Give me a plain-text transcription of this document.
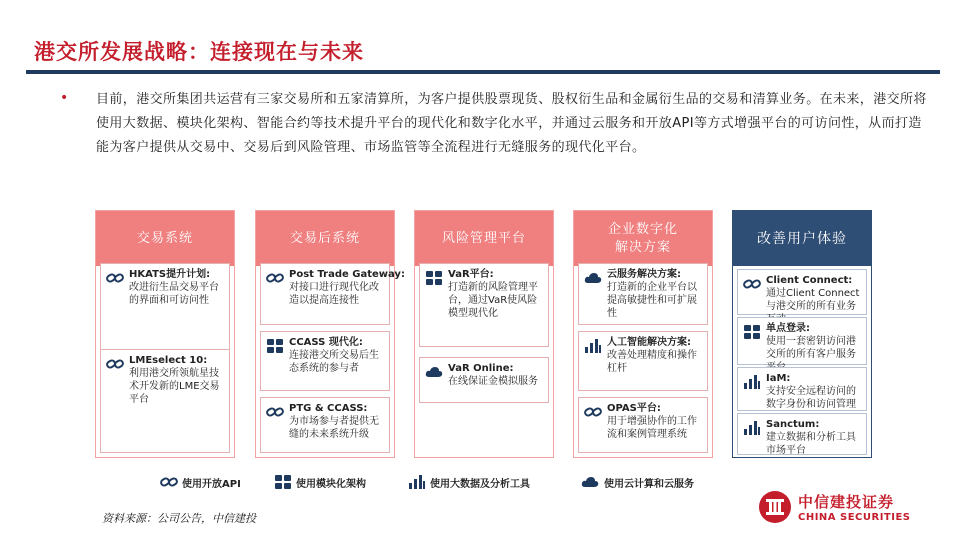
港交所发展战略：连接现在与未来
• 目前，港交所集团共运营有三家交易所和五家清算所，为客户提供股票现货、股权衍生品和金属衍生品的交易和清算业务。在未来，港交所将使用大数据、模块化架构、智能合约等技术提升平台的现代化和数字化水平，并通过云服务和开放API等方式增强平台的可访问性，从而打造能为客户提供从交易中、交易后到风险管理、市场监管等全流程进行无缝服务的现代化平台。
交易系统
HKATS提升计划:
改进衍生品交易平台的界面和可访问性
LMEselect 10:
利用港交所领航星技术开发新的LME交易平台
交易后系统
Post Trade Gateway:
对接口进行现代化改造以提高连接性
CCASS 现代化:
连接港交所交易后生态系统的参与者
PTG & CCASS:
为市场参与者提供无缝的未来系统升级
风险管理平台
VaR平台:
打造新的风险管理平台，通过VaR使风险模型现代化
VaR Online:
在线保证金模拟服务
企业数字化
解决方案
云服务解决方案:
打造新的企业平台以提高敏捷性和可扩展性
人工智能解决方案:
改善处理精度和操作杠杆
OPAS平台:
用于增强协作的工作流和案例管理系统
改善用户体验
Client Connect:
通过Client Connect与港交所的所有业务
单点登录:
使用一套密钥访问港交所的所有客户服务
IaM:
支持安全远程访问的数字身份和访问管理
Sanctum:
建立数据和分析工具市场平台
使用开放API	使用模块化架构	使用大数据及分析工具	使用云计算和云服务
资料来源：公司公告，中信建投
中信建投证券
CHINA SECURITIES
